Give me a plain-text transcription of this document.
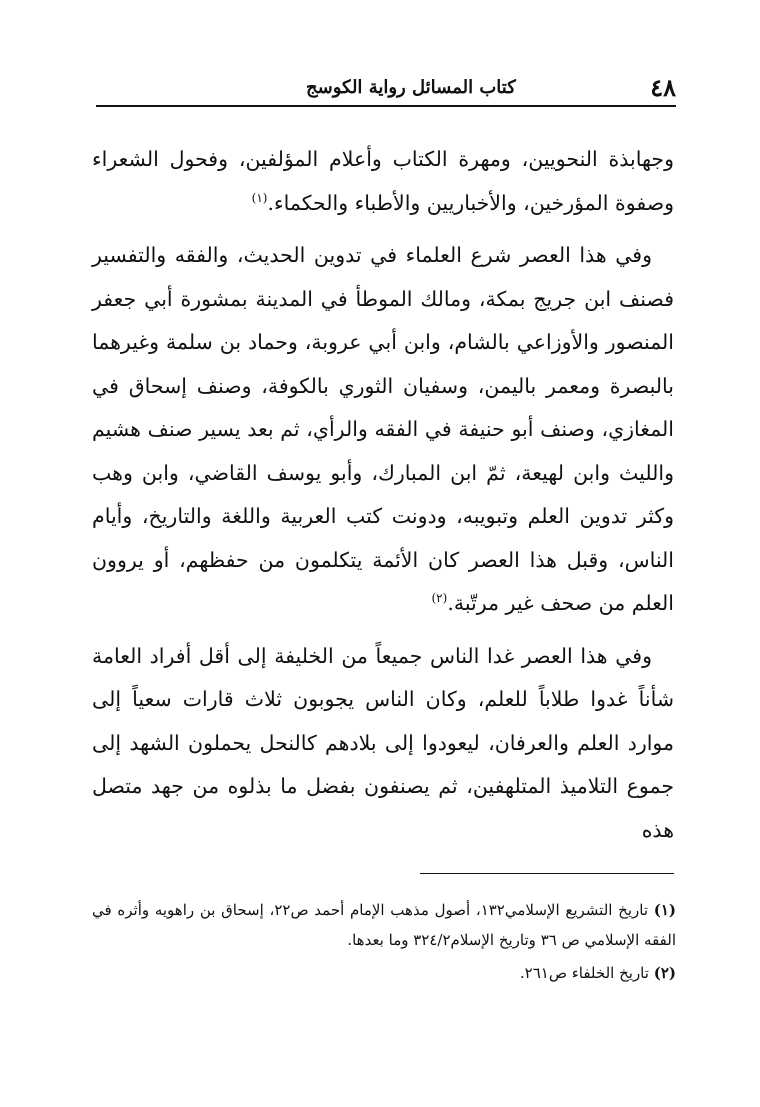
٤٨
كتاب المسائل رواية الكوسج

وجهابذة النحويين، ومهرة الكتاب وأعلام المؤلفين، وفحول الشعراء وصفوة المؤرخين، والأخباريين والأطباء والحكماء.$^{(١)}$

وفي هذا العصر شرع العلماء في تدوين الحديث، والفقه والتفسير فصنف ابن جريج بمكة، ومالك الموطأ في المدينة بمشورة أبي جعفر المنصور والأوزاعي بالشام، وابن أبي عروبة، وحماد بن سلمة وغيرهما بالبصرة ومعمر باليمن، وسفيان الثوري بالكوفة، وصنف إسحاق في المغازي، وصنف أبو حنيفة في الفقه والرأي، ثم بعد يسير صنف هشيم والليث وابن لهيعة، ثمّ ابن المبارك، وأبو يوسف القاضي، وابن وهب وكثر تدوين العلم وتبويبه، ودونت كتب العربية واللغة والتاريخ، وأيام الناس، وقبل هذا العصر كان الأئمة يتكلمون من حفظهم، أو يروون العلم من صحف غير مرتّبة.$^{(٢)}$

وفي هذا العصر غدا الناس جميعاً من الخليفة إلى أقل أفراد العامة شأناً غدوا طلاباً للعلم، وكان الناس يجوبون ثلاث قارات سعياً إلى موارد العلم والعرفان، ليعودوا إلى بلادهم كالنحل يحملون الشهد إلى جموع التلاميذ المتلهفين، ثم يصنفون بفضل ما بذلوه من جهد متصل هذه

(١) تاريخ التشريع الإسلامي١٣٢، أصول مذهب الإمام أحمد ص٢٢، إسحاق بن راهويه وأثره في الفقه الإسلامي ص ٣٦ وتاريخ الإسلام٣٢٤/٢ وما بعدها.

(٢) تاريخ الخلفاء ص٢٦١.
